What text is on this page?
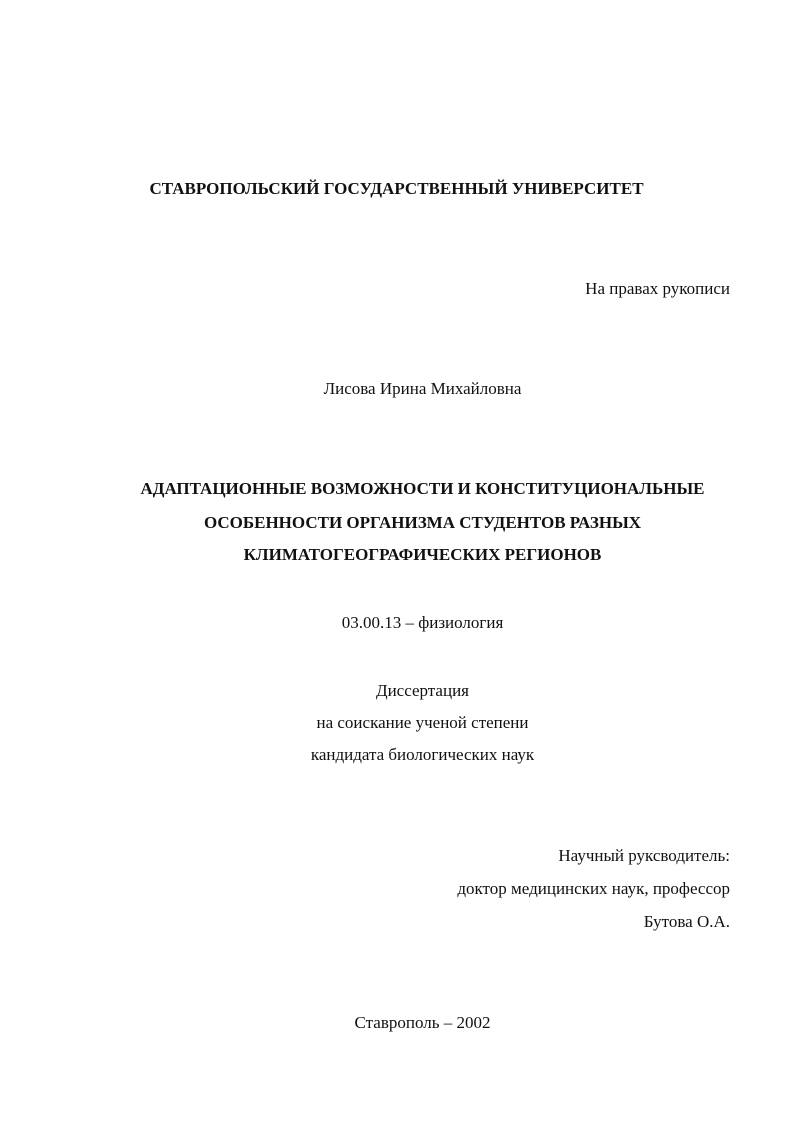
СТАВРОПОЛЬСКИЙ ГОСУДАРСТВЕННЫЙ УНИВЕРСИТЕТ
На правах рукописи
Лисова Ирина Михайловна
АДАПТАЦИОННЫЕ ВОЗМОЖНОСТИ И КОНСТИТУЦИОНАЛЬНЫЕ
ОСОБЕННОСТИ ОРГАНИЗМА СТУДЕНТОВ РАЗНЫХ
КЛИМАТОГЕОГРАФИЧЕСКИХ РЕГИОНОВ
03.00.13 – физиология
Диссертация
на соискание ученой степени
кандидата биологических наук
Научный руксводитель:
доктор медицинских наук, профессор
Бутова О.А.
Ставрополь – 2002
